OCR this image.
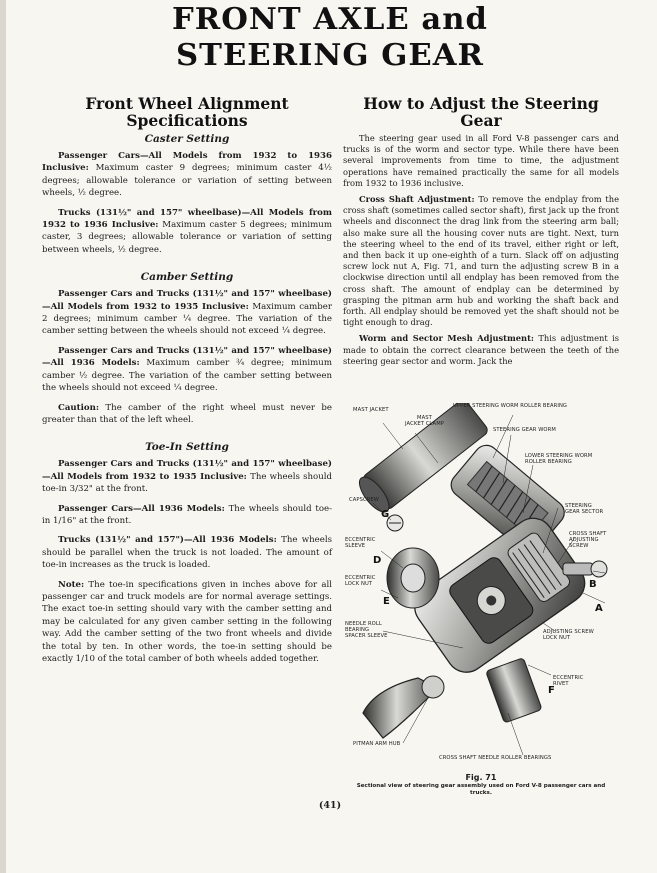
FRONT AXLE and
STEERING GEAR
Front Wheel Alignment Specifications
Caster Setting

Passenger Cars—All Models from 1932 to 1936 Inclusive: Maximum caster 9 degrees; minimum caster 4½ degrees; allowable tolerance or variation of setting between wheels, ½ degree.

Trucks (131½" and 157" wheelbase)—All Models from 1932 to 1936 Inclusive: Maximum caster 5 degrees; minimum caster, 3 degrees; allowable tolerance or variation of setting between wheels, ½ degree.

Camber Setting

Passenger Cars and Trucks (131½" and 157" wheelbase)—All Models from 1932 to 1935 Inclusive: Maximum camber 2 degrees; minimum camber ¼ degree. The variation of the camber setting between the wheels should not exceed ¼ degree.

Passenger Cars and Trucks (131½" and 157" wheelbase)—All 1936 Models: Maximum camber ¾ degree; minimum camber ½ degree. The variation of the camber setting between the wheels should not exceed ¼ degree.

Caution: The camber of the right wheel must never be greater than that of the left wheel.

Toe-In Setting

Passenger Cars and Trucks (131½" and 157" wheelbase)—All Models from 1932 to 1935 Inclusive: The wheels should toe-in 3/32" at the front.

Passenger Cars—All 1936 Models: The wheels should toe-in 1/16" at the front.

Trucks (131½" and 157")—All 1936 Models: The wheels should be parallel when the truck is not loaded. The amount of toe-in increases as the truck is loaded.

Note: The toe-in specifications given in inches above for all passenger car and truck models are for normal average settings. The exact toe-in setting should vary with the camber setting and may be calculated for any given camber setting in the following way. Add the camber setting of the two front wheels and divide the total by ten. In other words, the toe-in setting should be exactly 1/10 of the total camber of both wheels added together.

How to Adjust the Steering Gear

The steering gear used in all Ford V-8 passenger cars and trucks is of the worm and sector type. While there have been several improvements from time to time, the adjustment operations have remained practically the same for all models from 1932 to 1936 inclusive.

Cross Shaft Adjustment: To remove the endplay from the cross shaft (sometimes called sector shaft), first jack up the front wheels and disconnect the drag link from the steering arm ball; also make sure all the housing cover nuts are tight. Next, turn the steering wheel to the end of its travel, either right or left, and then back it up one-eighth of a turn. Slack off on adjusting screw lock nut A, Fig. 71, and turn the adjusting screw B in a clockwise direction until all endplay has been removed from the cross shaft. The amount of endplay can be determined by grasping the pitman arm hub and working the shaft back and forth. All endplay should be removed yet the shaft should not be tight enough to drag.

Worm and Sector Mesh Adjustment: This adjustment is made to obtain the correct clearance between the teeth of the steering gear sector and worm. Jack the

UPPER STEERING WORM ROLLER BEARING
MAST JACKET
MAST
JACKET CLAMP
STEERING GEAR WORM
LOWER STEERING WORM
ROLLER BEARING
CAPSCREW
STEERING
GEAR SECTOR
ECCENTRIC
SLEEVE
CROSS SHAFT
ADJUSTING
SCREW
ECCENTRIC
LOCK NUT
NEEDLE ROLL
BEARING
SPACER SLEEVE
ADJUSTING SCREW
LOCK NUT
ECCENTRIC
RIVET
PITMAN ARM HUB
CROSS SHAFT NEEDLE ROLLER BEARINGS
G
D
E
B
A
F
Fig. 71
Sectional view of steering gear assembly used on Ford V-8 passenger cars and trucks.
(41)
